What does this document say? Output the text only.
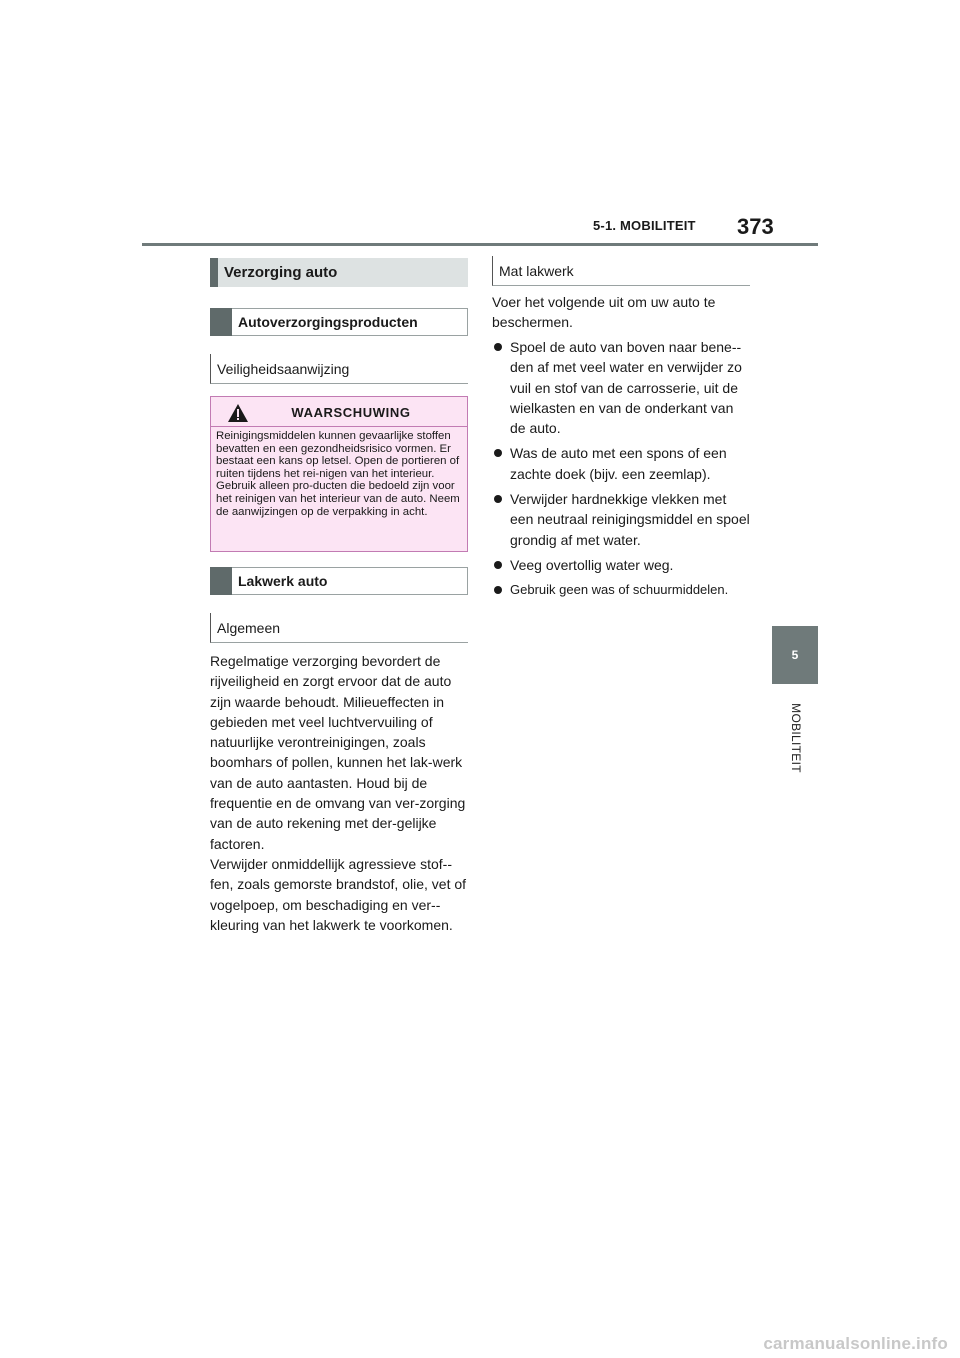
5-1. MOBILITEIT 373
5
MOBILITEIT
Verzorging auto
Autoverzorgingsproducten
Veiligheidsaanwijzing
WAARSCHUWING

Reinigingsmiddelen kunnen gevaarlijke stoffen bevatten en een gezondheidsrisico vormen. Er bestaat een kans op letsel. Open de portieren of ruiten tijdens het rei-nigen van het interieur. Gebruik alleen pro-ducten die bedoeld zijn voor het reinigen van het interieur van de auto. Neem de aanwijzingen op de verpakking in acht.

Lakwerk auto
Algemeen

Regelmatige verzorging bevordert de rijveiligheid en zorgt ervoor dat de auto zijn waarde behoudt. Milieueffecten in gebieden met veel luchtvervuiling of natuurlijke verontreinigingen, zoals boomhars of pollen, kunnen het lak-werk van de auto aantasten. Houd bij de frequentie en de omvang van ver-zorging van de auto rekening met der-gelijke factoren.

Verwijder onmiddellijk agressieve stof-fen, zoals gemorste brandstof, olie, vet of vogelpoep, om beschadiging en ver-kleuring van het lakwerk te voorkomen.

Mat lakwerk

Voer het volgende uit om uw auto te beschermen.

Spoel de auto van boven naar bene-den af met veel water en verwijder zo vuil en stof van de carrosserie, uit de wielkasten en van de onderkant van de auto.
Was de auto met een spons of een zachte doek (bijv. een zeemlap).
Verwijder hardnekkige vlekken met een neutraal reinigingsmiddel en spoel grondig af met water.
Veeg overtollig water weg.
Gebruik geen was of schuurmiddelen.
carmanualsonline.info
